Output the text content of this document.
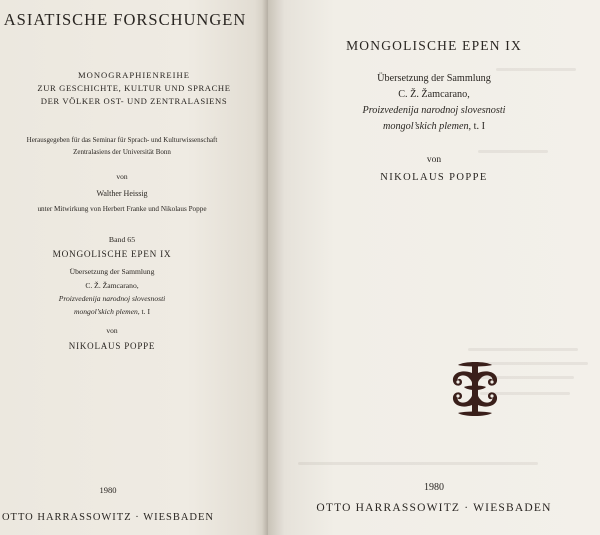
ASIATISCHE FORSCHUNGEN
MONOGRAPHIENREIHE
ZUR GESCHICHTE, KULTUR UND SPRACHE
DER VÖLKER OST- UND ZENTRALASIENS
Herausgegeben für das Seminar für Sprach- und Kulturwissenschaft
Zentralasiens der Universität Bonn
von
Walther Heissig
unter Mitwirkung von Herbert Franke und Nikolaus Poppe
Band 65
MONGOLISCHE EPEN IX
Übersetzung der Sammlung
C. Ž. Žamcarano,
Proizvedenija narodnoj slovesnosti
mongol’skich plemen, t. I
von
NIKOLAUS POPPE
1980
OTTO HARRASSOWITZ · WIESBADEN
MONGOLISCHE EPEN IX
Übersetzung der Sammlung
C. Ž. Žamcarano,
Proizvedenija narodnoj slovesnosti
mongol’skich plemen, t. I
von
NIKOLAUS POPPE
1980
OTTO HARRASSOWITZ · WIESBADEN
